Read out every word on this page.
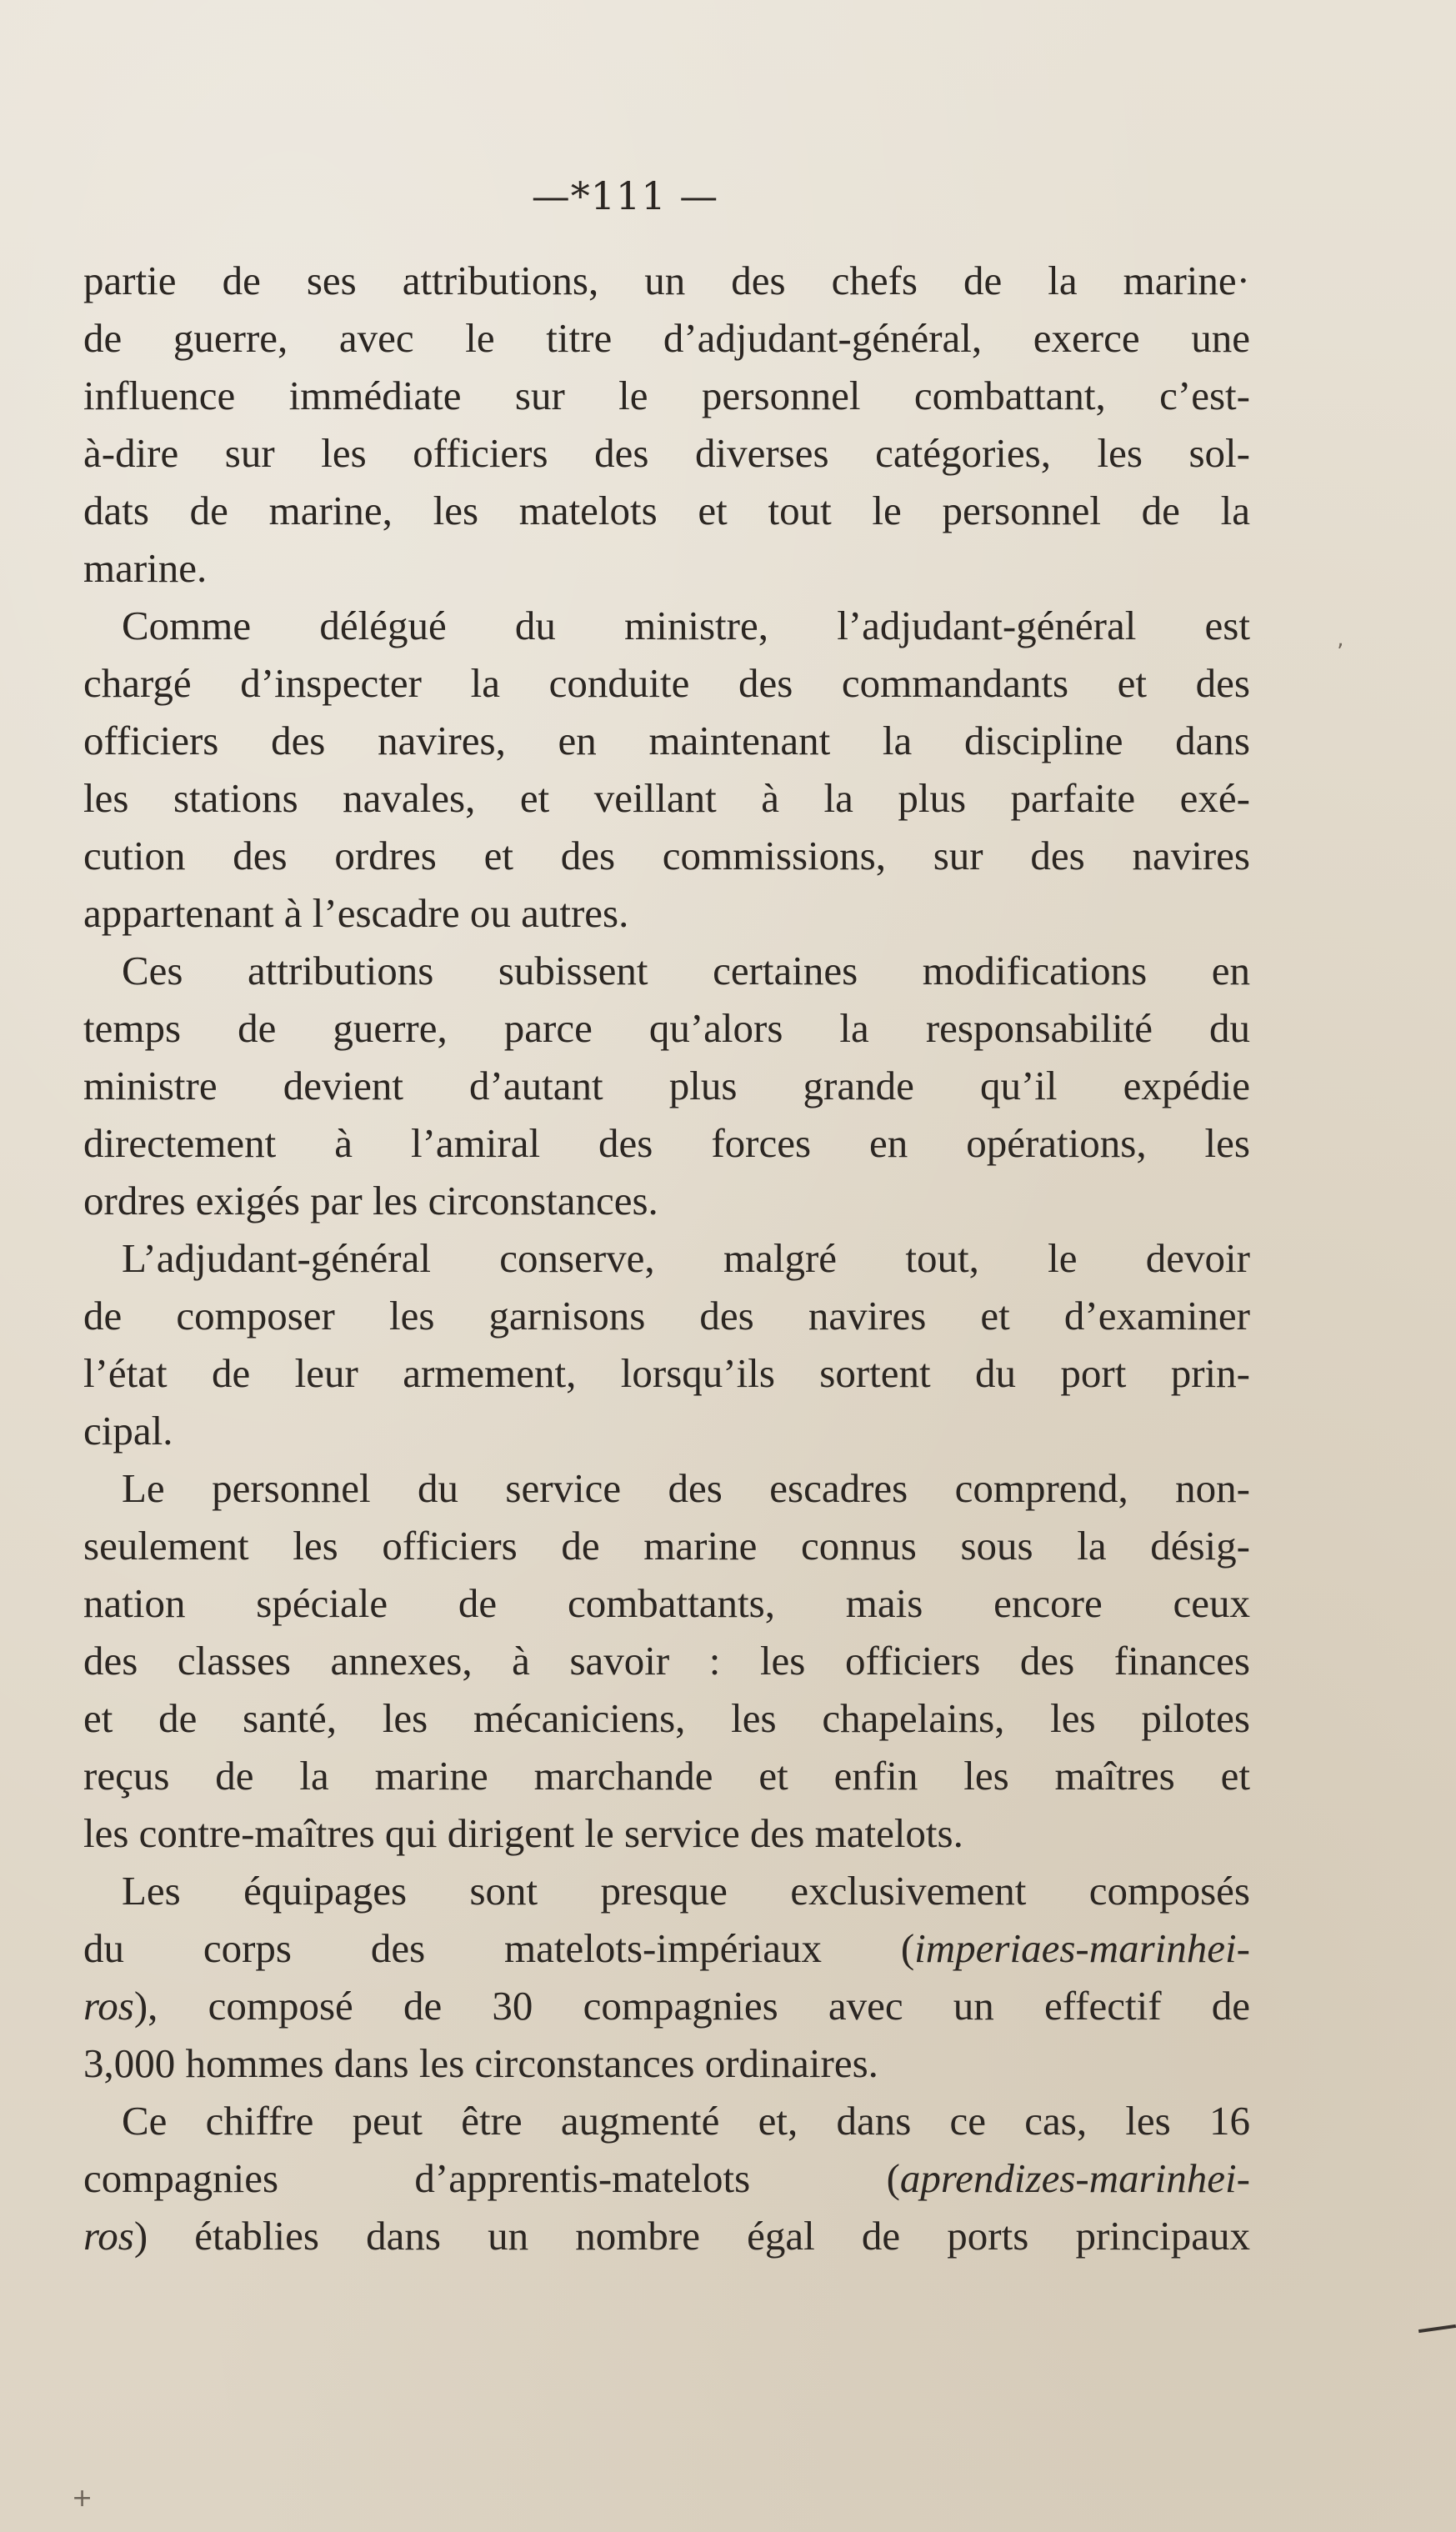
—*111 —
partie de ses attributions, un des chefs de la marine·
de guerre, avec le titre d’adjudant-général, exerce une
influence immédiate sur le personnel combattant, c’est-
à-dire sur les officiers des diverses catégories, les sol-
dats de marine, les matelots et tout le personnel de la
marine.
Comme délégué du ministre, l’adjudant-général est
chargé d’inspecter la conduite des commandants et des
officiers des navires, en maintenant la discipline dans
les stations navales, et veillant à la plus parfaite exé-
cution des ordres et des commissions, sur des navires
appartenant à l’escadre ou autres.
Ces attributions subissent certaines modifications en
temps de guerre, parce qu’alors la responsabilité du
ministre devient d’autant plus grande qu’il expédie
directement à l’amiral des forces en opérations, les
ordres exigés par les circonstances.
L’adjudant-général conserve, malgré tout, le devoir
de composer les garnisons des navires et d’examiner
l’état de leur armement, lorsqu’ils sortent du port prin-
cipal.
Le personnel du service des escadres comprend, non-
seulement les officiers de marine connus sous la désig-
nation spéciale de combattants, mais encore ceux
des classes annexes, à savoir : les officiers des finances
et de santé, les mécaniciens, les chapelains, les pilotes
reçus de la marine marchande et enfin les maîtres et
les contre-maîtres qui dirigent le service des matelots.
Les équipages sont presque exclusivement composés
du corps des matelots-impériaux (imperiaes-marinhei-
ros), composé de 30 compagnies avec un effectif de
3,000 hommes dans les circonstances ordinaires.
Ce chiffre peut être augmenté et, dans ce cas, les 16
compagnies d’apprentis-matelots (aprendizes-marinhei-
ros) établies dans un nombre égal de ports principaux
‚
+
